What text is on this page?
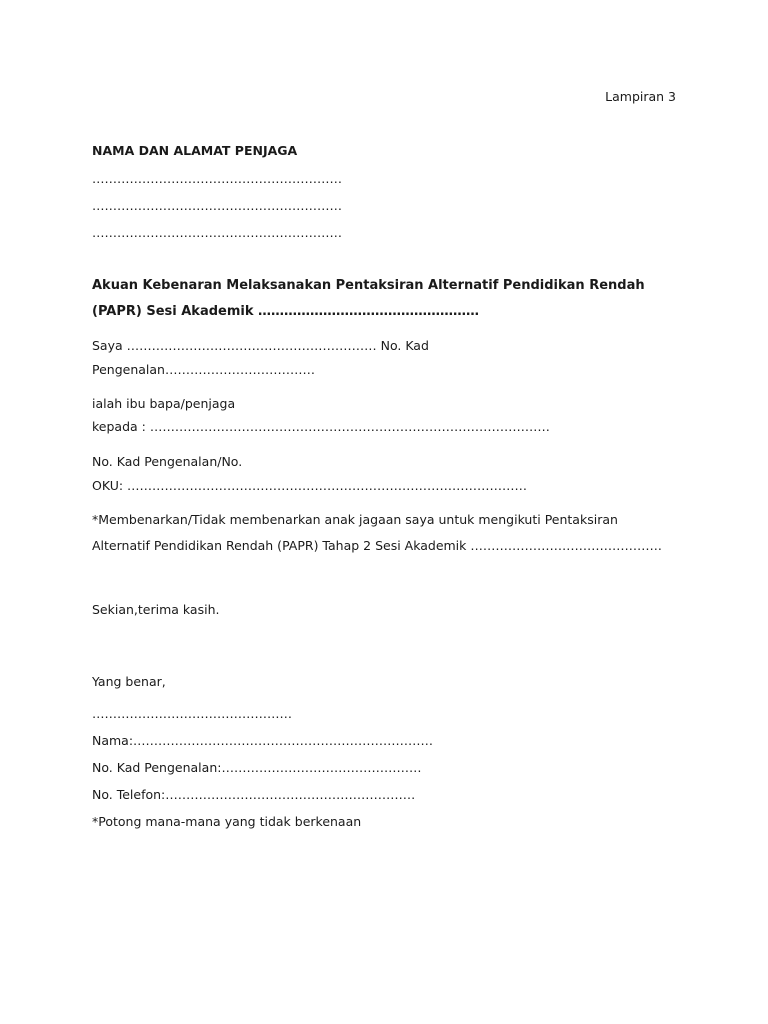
Lampiran 3
NAMA DAN ALAMAT PENJAGA
……………………………………………………
……………………………………………………
……………………………………………………
Akuan Kebenaran Melaksanakan Pentaksiran Alternatif Pendidikan Rendah
(PAPR) Sesi Akademik ……………………………………………
Saya …………………………………………………… No. Kad
Pengenalan………………………………
ialah ibu bapa/penjaga
kepada : ……………………………………………………………………………………
No. Kad Pengenalan/No.
OKU: ……………………………………………………………………………………
*Membenarkan/Tidak membenarkan anak jagaan saya untuk mengikuti Pentaksiran
Alternatif Pendidikan Rendah (PAPR) Tahap 2 Sesi Akademik ……………………………………….
Sekian,terima kasih.
Yang benar,
…………………………………………
Nama:………………………………………………………………
No. Kad Pengenalan:…………………………………………
No. Telefon:……………………………………………………
*Potong mana-mana yang tidak berkenaan
